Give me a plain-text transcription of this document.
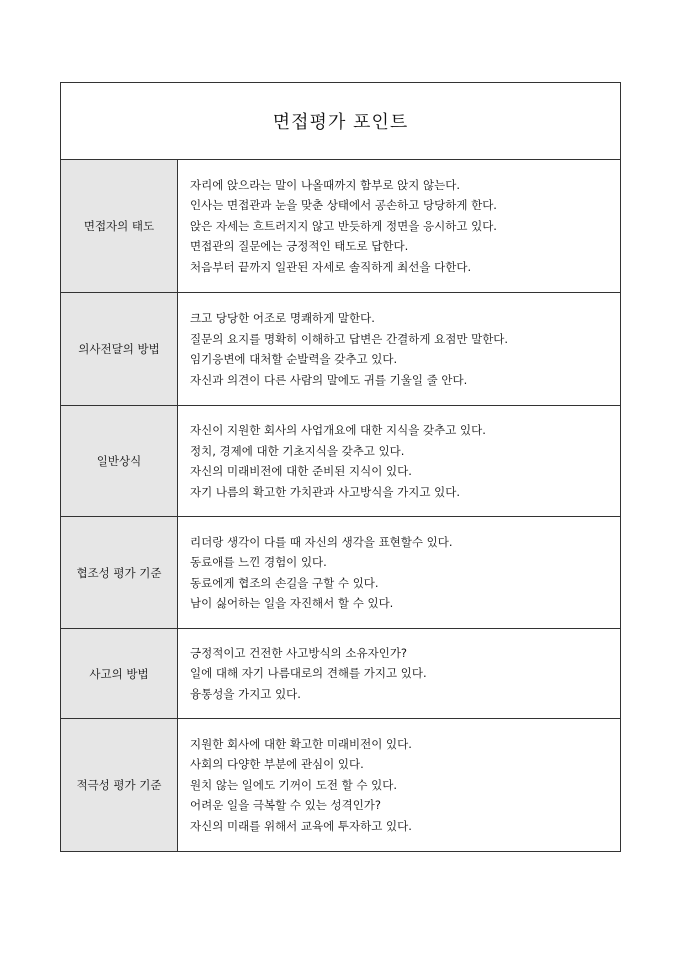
면접평가 포인트
면접자의 태도
자리에 앉으라는 말이 나올때까지 함부로 앉지 않는다.
인사는 면접관과 눈을 맞춘 상태에서 공손하고 당당하게 한다.
앉은 자세는 흐트러지지 않고 반듯하게 정면을 응시하고 있다.
면접관의 질문에는 긍정적인 태도로 답한다.
처음부터 끝까지 일관된 자세로 솔직하게 최선을 다한다.
의사전달의 방법
크고 당당한 어조로 명쾌하게 말한다.
질문의 요지를 명확히 이해하고 답변은 간결하게 요점만 말한다.
임기응변에 대처할 순발력을 갖추고 있다.
자신과 의견이 다른 사람의 말에도 귀를 기울일 줄 안다.
일반상식
자신이 지원한 회사의 사업개요에 대한 지식을 갖추고 있다.
정치, 경제에 대한 기초지식을 갖추고 있다.
자신의 미래비전에 대한 준비된 지식이 있다.
자기 나름의 확고한 가치관과 사고방식을 가지고 있다.
협조성 평가 기준
리더랑 생각이 다를 때 자신의 생각을 표현할수 있다.
동료애를 느낀 경험이 있다.
동료에게 협조의 손길을 구할 수 있다.
남이 싫어하는 일을 자진해서 할 수 있다.
사고의 방법
긍정적이고 건전한 사고방식의 소유자인가?
일에 대해 자기 나름대로의 견해를 가지고 있다.
융통성을 가지고 있다.
적극성 평가 기준
지원한 회사에 대한 확고한 미래비전이 있다.
사회의 다양한 부분에 관심이 있다.
원치 않는 일에도 기꺼이 도전 할 수 있다.
어려운 일을 극복할 수 있는 성격인가?
자신의 미래를 위해서 교육에 투자하고 있다.
